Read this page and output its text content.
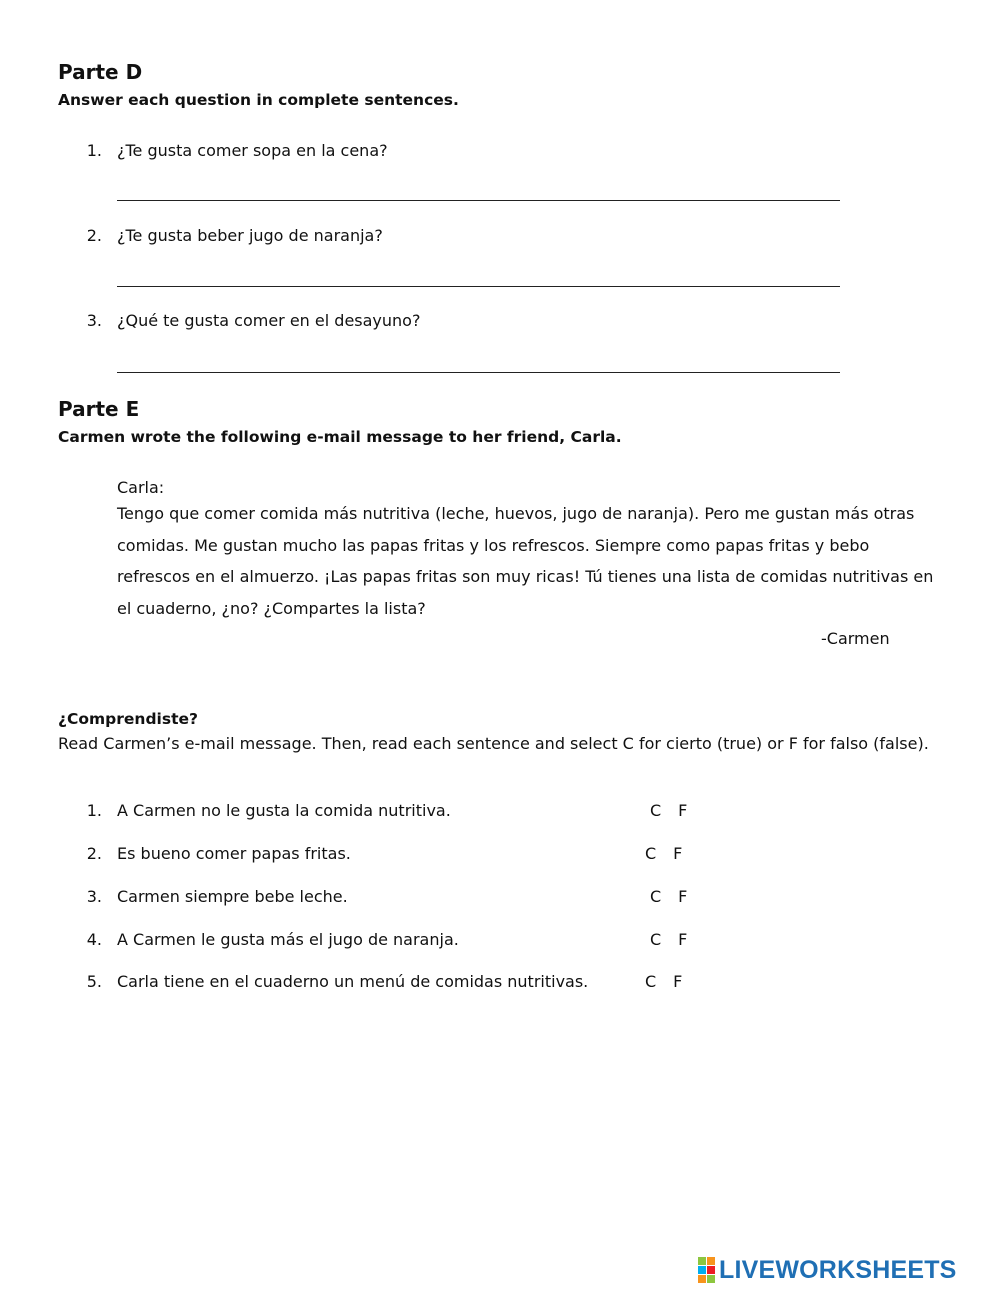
Parte D
Answer each question in complete sentences.
1. ¿Te gusta comer sopa en la cena?
2. ¿Te gusta beber jugo de naranja?
3. ¿Qué te gusta comer en el desayuno?
Parte E
Carmen wrote the following e-mail message to her friend, Carla.
Carla:
Tengo que comer comida más nutritiva (leche, huevos, jugo de naranja). Pero me gustan más otras comidas. Me gustan mucho las papas fritas y los refrescos. Siempre como papas fritas y bebo refrescos en el almuerzo. ¡Las papas fritas son muy ricas! Tú tienes una lista de comidas nutritivas en el cuaderno, ¿no? ¿Compartes la lista?
-Carmen
¿Comprendiste?
Read Carmen’s e-mail message. Then, read each sentence and select C for cierto (true) or F for falso (false).
1. A Carmen no le gusta la comida nutritiva.	C F
2. Es bueno comer papas fritas.	C F
3. Carmen siempre bebe leche.	C F
4. A Carmen le gusta más el jugo de naranja.	C F
5. Carla tiene en el cuaderno un menú de comidas nutritivas.	C F
LIVEWORKSHEETS
